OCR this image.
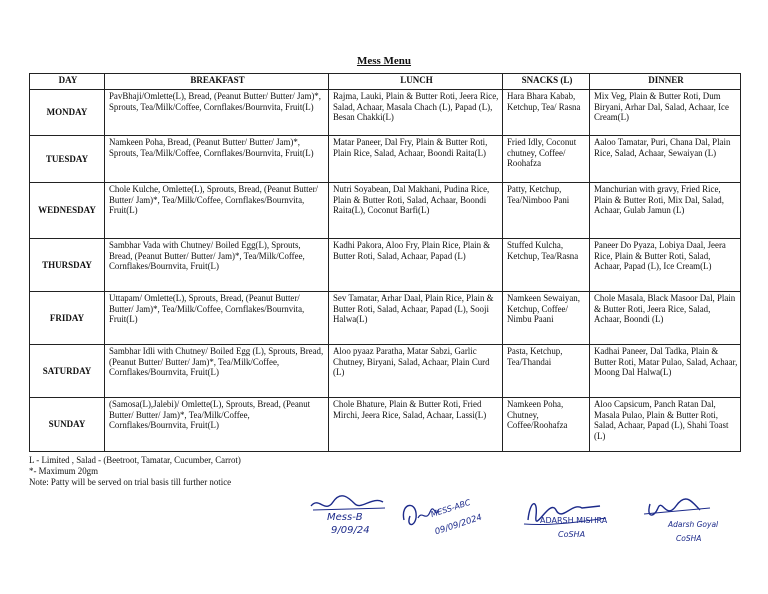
Mess Menu
DAY	BREAKFAST	LUNCH	SNACKS (L)	DINNER
MONDAY	PavBhaji/Omlette(L), Bread, (Peanut Butter/ Butter/ Jam)*, Sprouts, Tea/Milk/Coffee, Cornflakes/Bournvita, Fruit(L)	Rajma, Lauki, Plain & Butter Roti, Jeera Rice, Salad, Achaar, Masala Chach (L), Papad (L), Besan Chakki(L)	Hara Bhara Kabab, Ketchup, Tea/ Rasna	Mix Veg, Plain & Butter Roti, Dum Biryani, Arhar Dal, Salad, Achaar, Ice Cream(L)
TUESDAY	Namkeen Poha, Bread, (Peanut Butter/ Butter/ Jam)*, Sprouts, Tea/Milk/Coffee, Cornflakes/Bournvita, Fruit(L)	Matar Paneer, Dal Fry, Plain & Butter Roti, Plain Rice, Salad, Achaar, Boondi Raita(L)	Fried Idly, Coconut chutney, Coffee/ Roohafza	Aaloo Tamatar, Puri, Chana Dal, Plain Rice, Salad, Achaar, Sewaiyan (L)
WEDNESDAY	Chole Kulche, Omlette(L), Sprouts, Bread, (Peanut Butter/ Butter/ Jam)*, Tea/Milk/Coffee, Cornflakes/Bournvita, Fruit(L)	Nutri Soyabean, Dal Makhani, Pudina Rice, Plain & Butter Roti, Salad, Achaar, Boondi Raita(L), Coconut Barfi(L)	Patty, Ketchup, Tea/Nimboo Pani	Manchurian with gravy, Fried Rice, Plain & Butter Roti, Mix Dal, Salad, Achaar, Gulab Jamun (L)
THURSDAY	Sambhar Vada with Chutney/ Boiled Egg(L), Sprouts, Bread, (Peanut Butter/ Butter/ Jam)*, Tea/Milk/Coffee, Cornflakes/Bournvita, Fruit(L)	Kadhi Pakora, Aloo Fry, Plain Rice, Plain & Butter Roti, Salad, Achaar, Papad (L)	Stuffed Kulcha, Ketchup, Tea/Rasna	Paneer Do Pyaza, Lobiya Daal, Jeera Rice, Plain & Butter Roti, Salad, Achaar, Papad (L), Ice Cream(L)
FRIDAY	Uttapam/ Omlette(L), Sprouts, Bread, (Peanut Butter/ Butter/ Jam)*, Tea/Milk/Coffee, Cornflakes/Bournvita, Fruit(L)	Sev Tamatar, Arhar Daal, Plain Rice, Plain & Butter Roti, Salad, Achaar, Papad (L), Sooji Halwa(L)	Namkeen Sewaiyan, Ketchup, Coffee/ Nimbu Paani	Chole Masala, Black Masoor Dal, Plain & Butter Roti, Jeera Rice, Salad, Achaar, Boondi (L)
SATURDAY	Sambhar Idli with Chutney/ Boiled Egg (L), Sprouts, Bread, (Peanut Butter/ Butter/ Jam)*, Tea/Milk/Coffee, Cornflakes/Bournvita, Fruit(L)	Aloo pyaaz Paratha, Matar Sabzi, Garlic Chutney, Biryani, Salad, Achaar, Plain Curd (L)	Pasta, Ketchup, Tea/Thandai	Kadhai Paneer, Dal Tadka, Plain & Butter Roti, Matar Pulao, Salad, Achaar, Moong Dal Halwa(L)
SUNDAY	(Samosa(L),Jalebi)/ Omlette(L), Sprouts, Bread, (Peanut Butter/ Butter/ Jam)*, Tea/Milk/Coffee, Cornflakes/Bournvita, Fruit(L)	Chole Bhature, Plain & Butter Roti, Fried Mirchi, Jeera Rice, Salad, Achaar, Lassi(L)	Namkeen Poha, Chutney, Coffee/Roohafza	Aloo Capsicum, Panch Ratan Dal, Masala Pulao, Plain & Butter Roti, Salad, Achaar, Papad (L), Shahi Toast (L)
L - Limited , Salad - (Beetroot, Tamatar, Cucumber, Carrot)
*- Maximum 20gm
Note: Patty will be served on trial basis till further notice
Mess-B
9/09/24
MESS-ABC
09/09/2024	ADARSH MISHRA
CoSHA
Adarsh Goyal
CoSHA
